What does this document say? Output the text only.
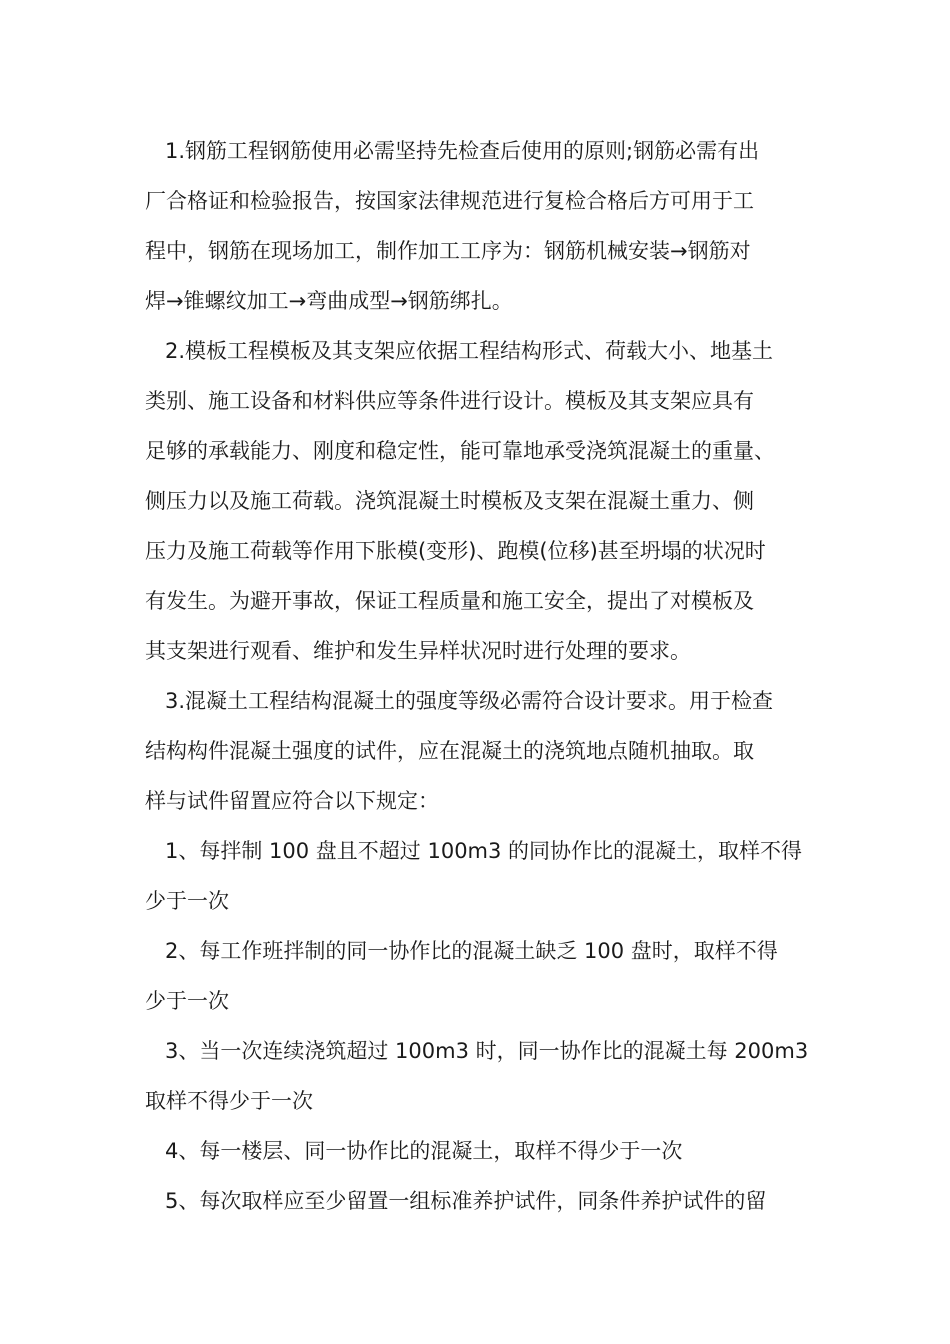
1.钢筋工程钢筋使用必需坚持先检查后使用的原则;钢筋必需有出
厂合格证和检验报告，按国家法律规范进行复检合格后方可用于工
程中，钢筋在现场加工，制作加工工序为：钢筋机械安装→钢筋对
焊→锥螺纹加工→弯曲成型→钢筋绑扎。
2.模板工程模板及其支架应依据工程结构形式、荷载大小、地基土
类别、施工设备和材料供应等条件进行设计。模板及其支架应具有
足够的承载能力、刚度和稳定性，能可靠地承受浇筑混凝土的重量、
侧压力以及施工荷载。浇筑混凝土时模板及支架在混凝土重力、侧
压力及施工荷载等作用下胀模(变形)、跑模(位移)甚至坍塌的状况时
有发生。为避开事故，保证工程质量和施工安全，提出了对模板及
其支架进行观看、维护和发生异样状况时进行处理的要求。
3.混凝土工程结构混凝土的强度等级必需符合设计要求。用于检查
结构构件混凝土强度的试件，应在混凝土的浇筑地点随机抽取。取
样与试件留置应符合以下规定：
1、每拌制 100 盘且不超过 100m3 的同协作比的混凝土，取样不得
少于一次
2、每工作班拌制的同一协作比的混凝土缺乏 100 盘时，取样不得
少于一次
3、当一次连续浇筑超过 100m3 时，同一协作比的混凝土每 200m3
取样不得少于一次
4、每一楼层、同一协作比的混凝土，取样不得少于一次
5、每次取样应至少留置一组标准养护试件，同条件养护试件的留
